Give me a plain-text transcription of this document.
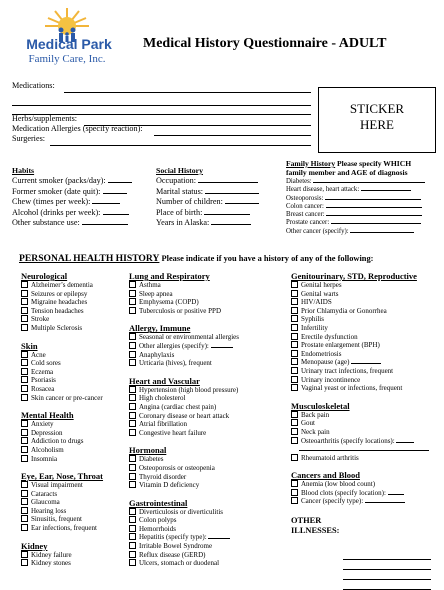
Medical Park
Family Care, Inc.
Medical History Questionnaire - ADULT
Medications:
Herbs/supplements:
Medication Allergies (specify reaction):
Surgeries:
STICKER
HERE
Habits
Current smoker (packs/day):
Former smoker (date quit):
Chew (times per week):
Alcohol (drinks per week):
Other substance use:
Social History
Occupation:
Marital status:
Number of children:
Place of birth:
Years in Alaska:
Family History Please specify WHICH
family member and AGE of diagnosis
Diabetes:
Heart disease, heart attack:
Osteoporosis:
Colon cancer:
Breast cancer:
Prostate cancer:
Other cancer (specify):
PERSONAL HEALTH HISTORY Please indicate if you have a history of any of the following:
Neurological
Alzheimer’s dementia
Seizures or epilepsy
Migraine headaches
Tension headaches
Stroke
Multiple Sclerosis
Skin
Acne
Cold sores
Eczema
Psoriasis
Rosacea
Skin cancer or pre-cancer
Mental Health
Anxiety
Depression
Addiction to drugs
Alcoholism
Insomnia
Eye, Ear, Nose, Throat
Visual impairment
Cataracts
Glaucoma
Hearing loss
Sinusitis, frequent
Ear infections, frequent
Kidney
Kidney failure
Kidney stones
Lung and Respiratory
Asthma
Sleep apnea
Emphysema (COPD)
Tuberculosis or positive PPD
Allergy, Immune
Seasonal or environmental allergies
Other allergies (specify):
Anaphylaxis
Urticaria (hives), frequent
Heart and Vascular
Hypertension (high blood pressure)
High cholesterol
Angina (cardiac chest pain)
Coronary disease or heart attack
Atrial fibrillation
Congestive heart failure
Hormonal
Diabetes
Osteoporosis or osteopenia
Thyroid disorder
Vitamin D deficiency
Gastrointestinal
Diverticulosis or diverticulitis
Colon polyps
Hemorrhoids
Hepatitis (specify type):
Irritable Bowel Syndrome
Reflux disease (GERD)
Ulcers, stomach or duodenal
Genitourinary, STD, Reproductive
Genital herpes
Genital warts
HIV/AIDS
Prior Chlamydia or Gonorrhea
Syphilis
Infertility
Erectile dysfunction
Prostate enlargement (BPH)
Endometriosis
Menopause (age)
Urinary tract infections, frequent
Urinary incontinence
Vaginal yeast or infections, frequent
Musculoskeletal
Back pain
Gout
Neck pain
Osteoarthritis (specify locations):
Rheumatoid arthritis
Cancers and Blood
Anemia (low blood count)
Blood clots (specify location):
Cancer (specify type):
OTHER
ILLNESSES:
